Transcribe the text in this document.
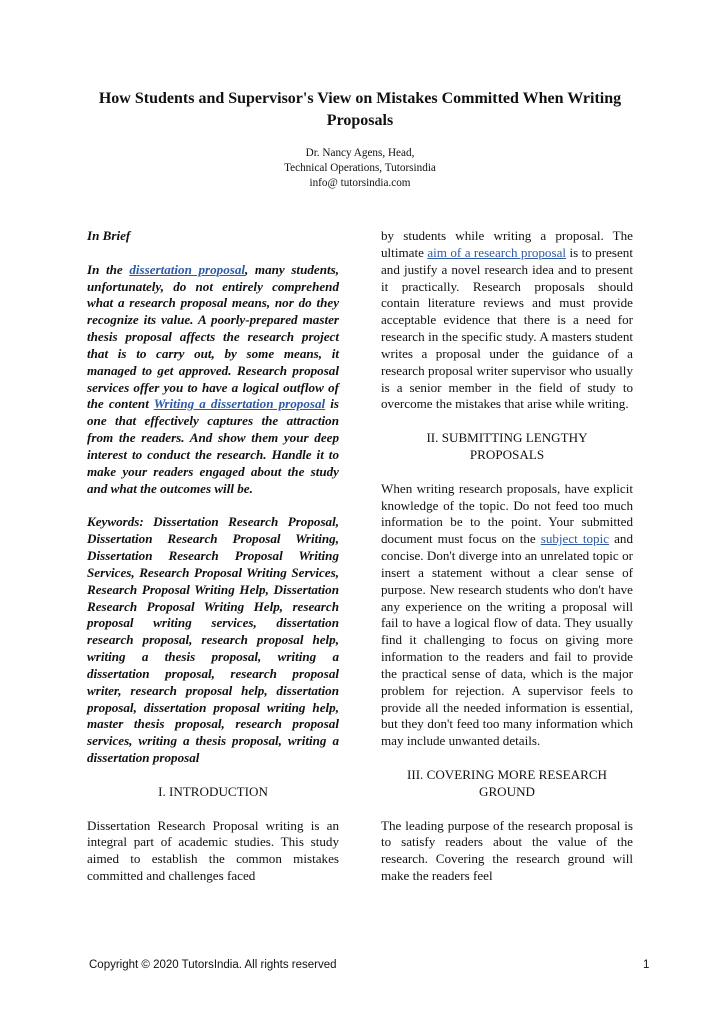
How Students and Supervisor's View on Mistakes Committed When Writing Proposals
Dr. Nancy Agens, Head,
Technical Operations, Tutorsindia
info@ tutorsindia.com

In Brief

In the dissertation proposal, many students, unfortunately, do not entirely comprehend what a research proposal means, nor do they recognize its value. A poorly-prepared master thesis proposal affects the research project that is to carry out, by some means, it managed to get approved. Research proposal services offer you to have a logical outflow of the content Writing a dissertation proposal is one that effectively captures the attraction from the readers. And show them your deep interest to conduct the research. Handle it to make your readers engaged about the study and what the outcomes will be.

Keywords: Dissertation Research Proposal, Dissertation Research Proposal Writing, Dissertation Research Proposal Writing Services, Research Proposal Writing Services, Research Proposal Writing Help, Dissertation Research Proposal Writing Help, research proposal writing services, dissertation research proposal, research proposal help, writing a thesis proposal, writing a dissertation proposal, research proposal writer, research proposal help, dissertation proposal, dissertation proposal writing help, master thesis proposal, research proposal services, writing a thesis proposal, writing a dissertation proposal

I. INTRODUCTION

Dissertation Research Proposal writing is an integral part of academic studies. This study aimed to establish the common mistakes committed and challenges faced

by students while writing a proposal. The ultimate aim of a research proposal is to present and justify a novel research idea and to present it practically. Research proposals should contain literature reviews and must provide acceptable evidence that there is a need for research in the specific study. A masters student writes a proposal under the guidance of a research proposal writer supervisor who usually is a senior member in the field of study to overcome the mistakes that arise while writing.

II. SUBMITTING LENGTHY
PROPOSALS

When writing research proposals, have explicit knowledge of the topic. Do not feed too much information be to the point. Your submitted document must focus on the subject topic and concise. Don't diverge into an unrelated topic or insert a statement without a clear sense of purpose. New research students who don't have any experience on the writing a proposal will fail to have a logical flow of data. They usually find it challenging to focus on giving more information to the readers and fail to provide the practical sense of data, which is the major problem for rejection. A supervisor feels to provide all the needed information is essential, but they don't feed too many information which may include unwanted details.

III. COVERING MORE RESEARCH
GROUND

The leading purpose of the research proposal is to satisfy readers about the value of the research. Covering the research ground will make the readers feel

Copyright © 2020 TutorsIndia. All rights reserved	1
